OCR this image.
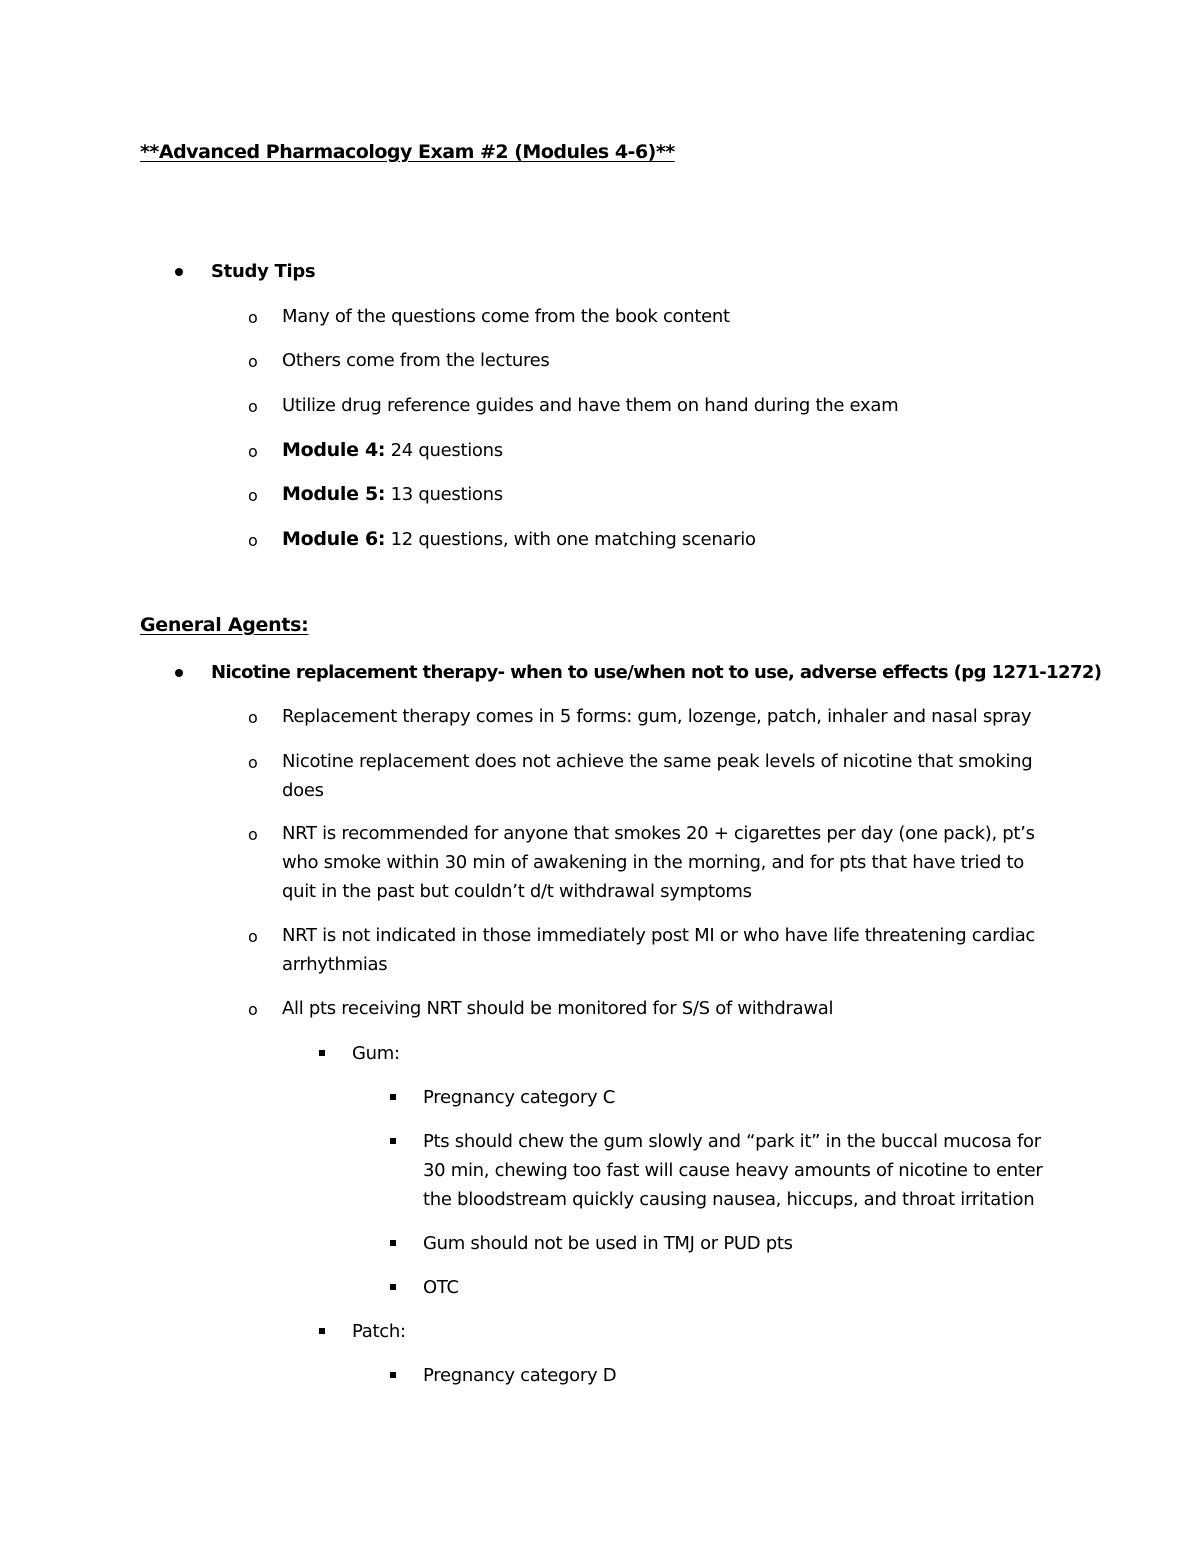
**Advanced Pharmacology Exam #2 (Modules 4-6)**
Study Tips
o Many of the questions come from the book content
o Others come from the lectures
o Utilize drug reference guides and have them on hand during the exam
o Module 4: 24 questions
o Module 5: 13 questions
o Module 6: 12 questions, with one matching scenario
General Agents:
Nicotine replacement therapy- when to use/when not to use, adverse effects (pg 1271-1272)
o Replacement therapy comes in 5 forms: gum, lozenge, patch, inhaler and nasal spray
o Nicotine replacement does not achieve the same peak levels of nicotine that smoking does
o NRT is recommended for anyone that smokes 20 + cigarettes per day (one pack), pt’s who smoke within 30 min of awakening in the morning, and for pts that have tried to quit in the past but couldn’t d/t withdrawal symptoms
o NRT is not indicated in those immediately post MI or who have life threatening cardiac arrhythmias
o All pts receiving NRT should be monitored for S/S of withdrawal
Gum:
Pregnancy category C
Pts should chew the gum slowly and “park it” in the buccal mucosa for 30 min, chewing too fast will cause heavy amounts of nicotine to enter the bloodstream quickly causing nausea, hiccups, and throat irritation
Gum should not be used in TMJ or PUD pts
OTC
Patch:
Pregnancy category D
